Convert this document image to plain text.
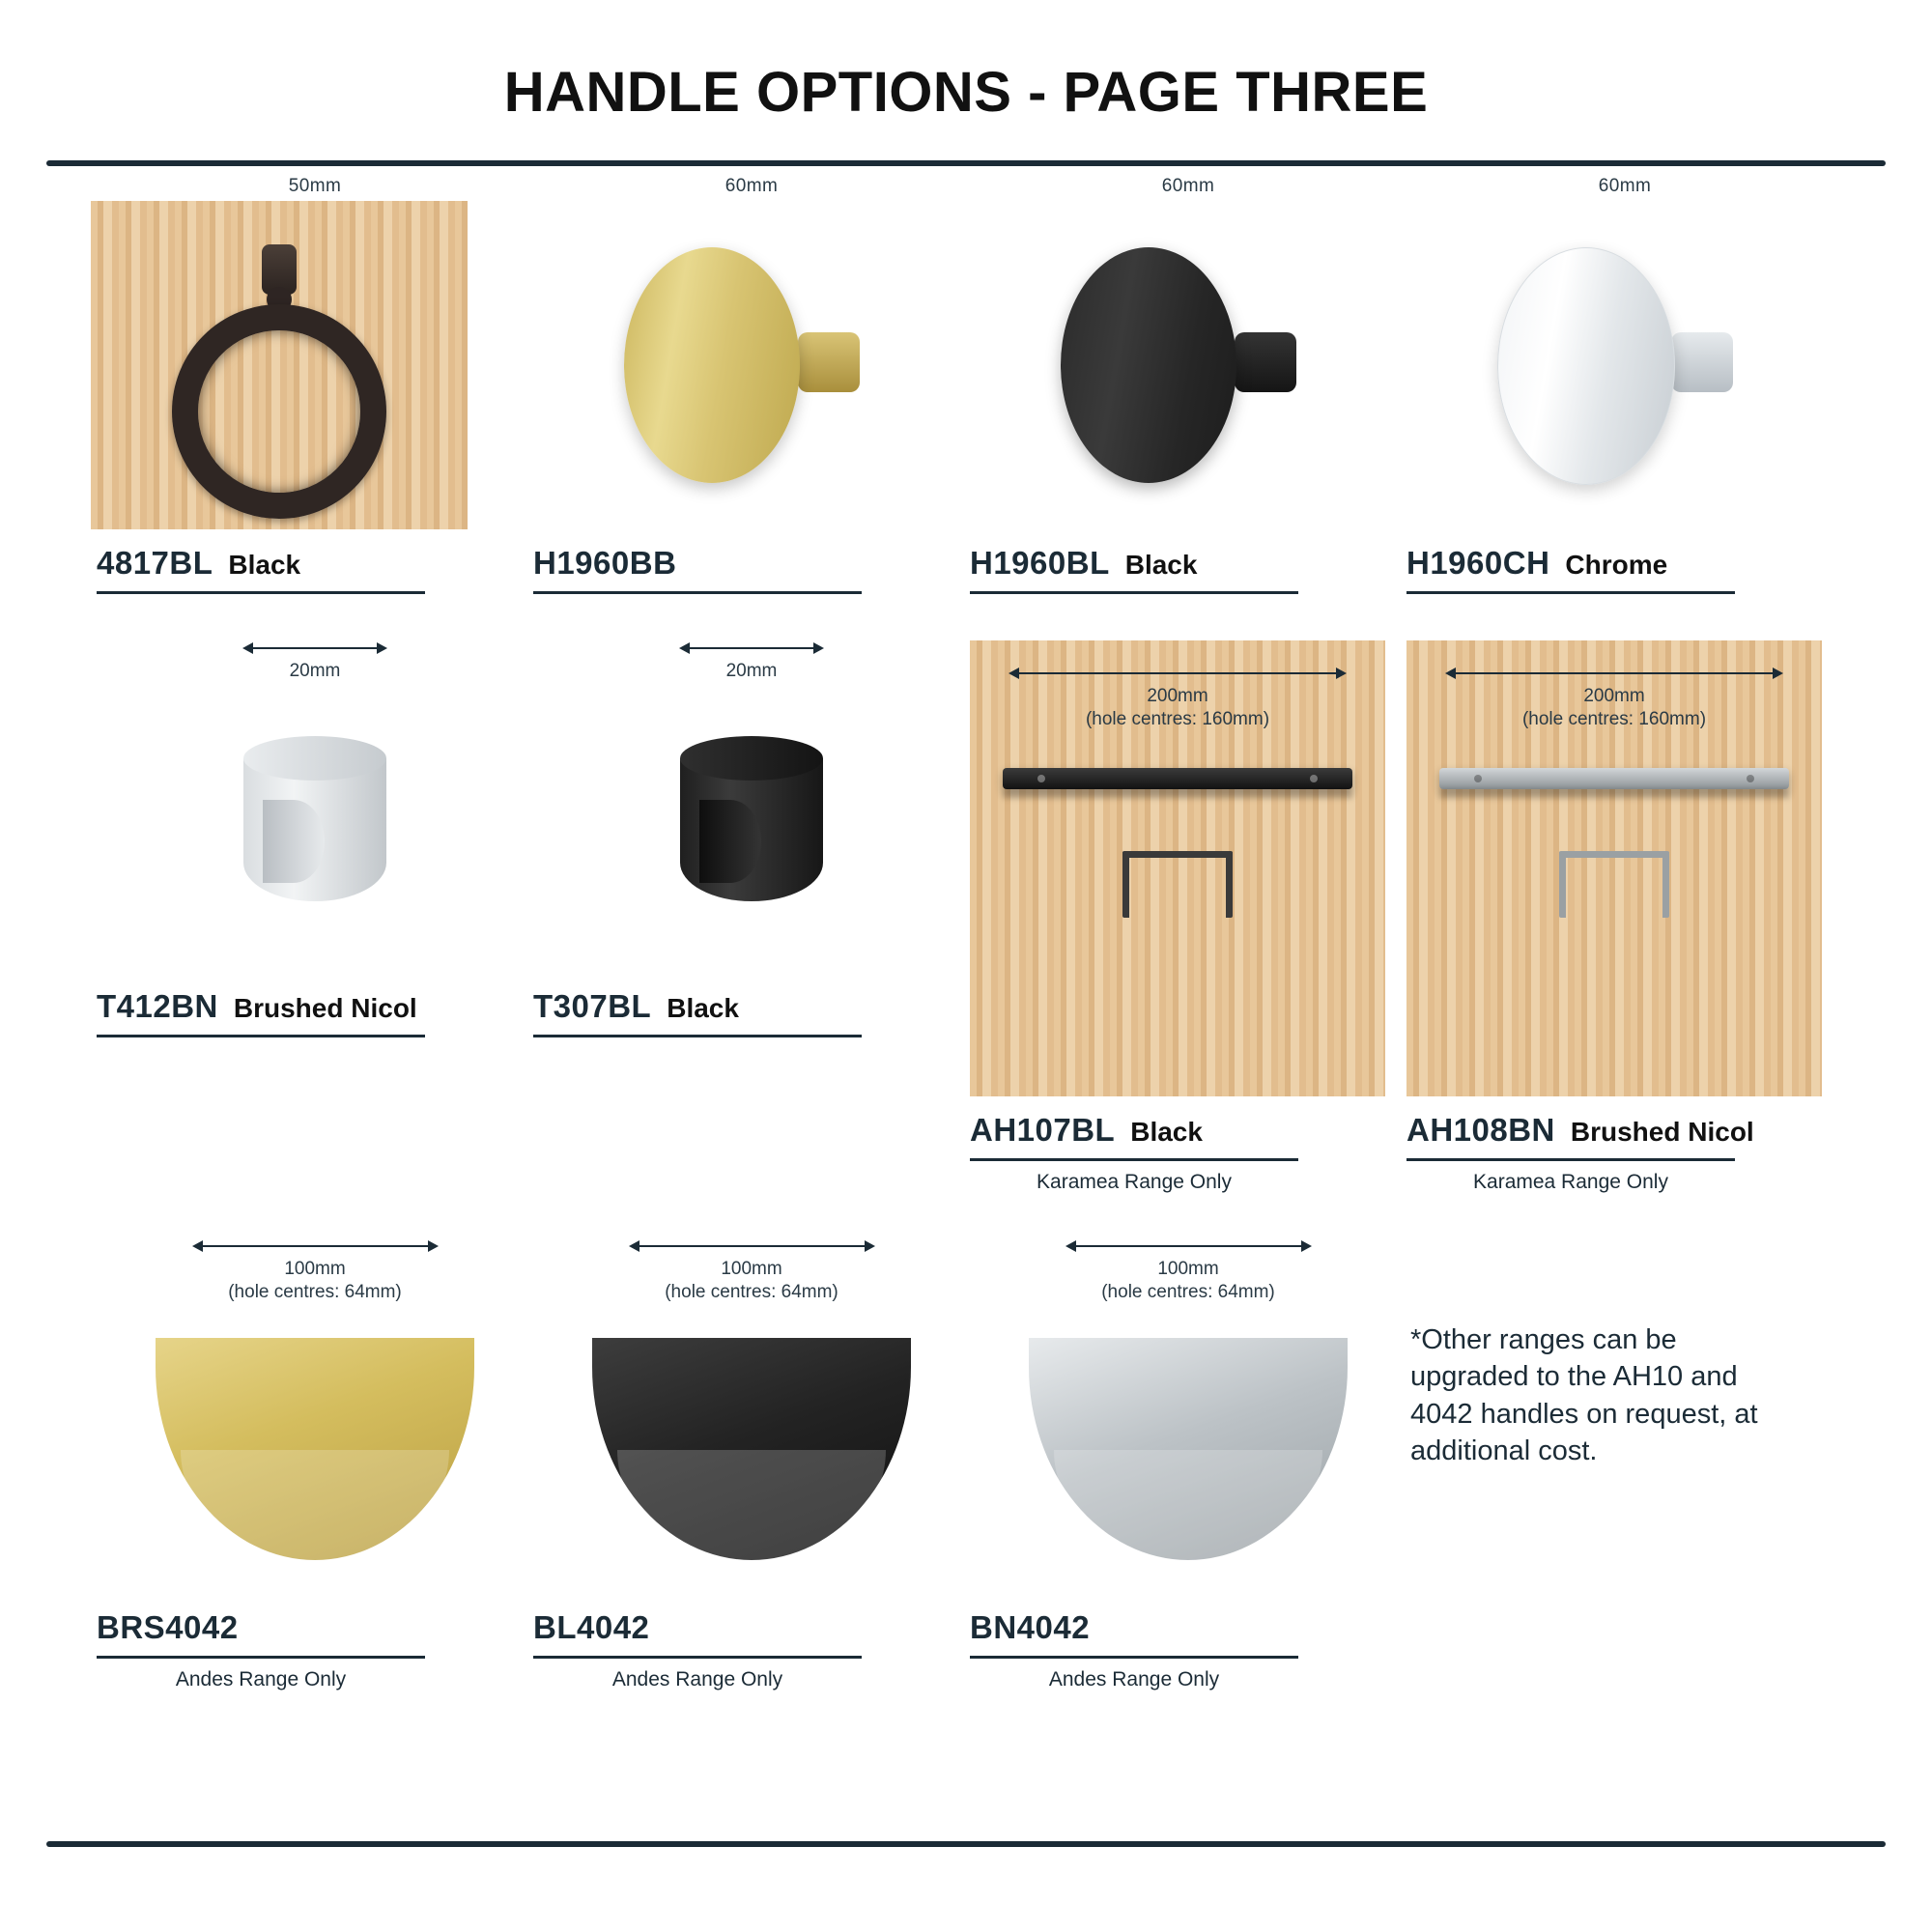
HANDLE OPTIONS - PAGE THREE
50mm
4817BL Black
60mm
H1960BB
60mm
H1960BL Black
60mm
H1960CH Chrome
20mm
T412BN Brushed Nicol
20mm
T307BL Black
200mm
(hole centres: 160mm)
AH107BL Black
Karamea Range Only
200mm
(hole centres: 160mm)
AH108BN Brushed Nicol
Karamea Range Only
100mm
(hole centres: 64mm)
BRS4042
Andes Range Only
100mm
(hole centres: 64mm)
BL4042
Andes Range Only
100mm
(hole centres: 64mm)
BN4042
Andes Range Only
*Other ranges can be upgraded to the AH10 and 4042 handles on request, at additional cost.
